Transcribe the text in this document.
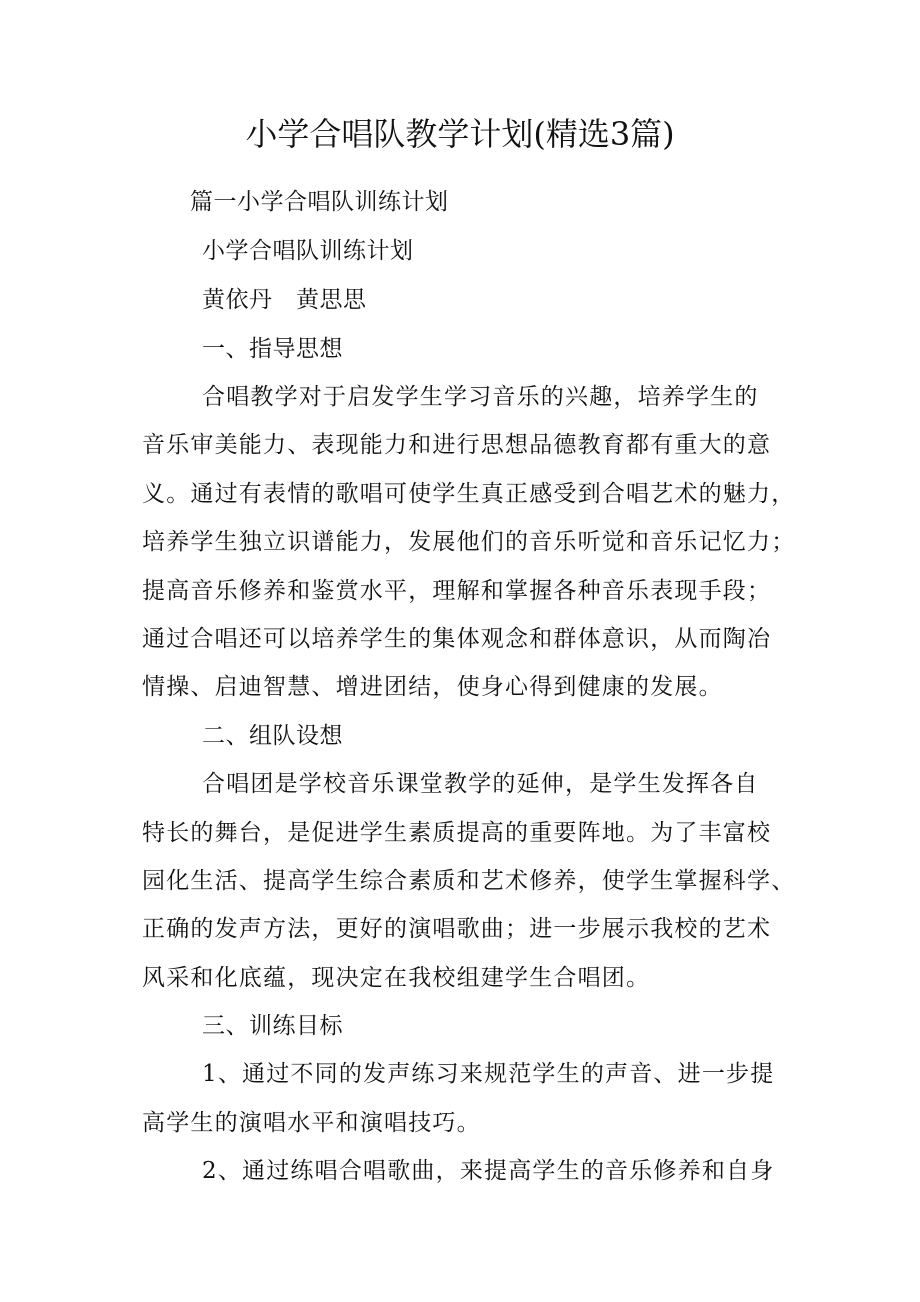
小学合唱队教学计划(精选3篇)
篇一小学合唱队训练计划
小学合唱队训练计划
黄依丹　黄思思
一、指导思想
合唱教学对于启发学生学习音乐的兴趣，培养学生的
音乐审美能力、表现能力和进行思想品德教育都有重大的意
义。通过有表情的歌唱可使学生真正感受到合唱艺术的魅力，
培养学生独立识谱能力，发展他们的音乐听觉和音乐记忆力；
提高音乐修养和鉴赏水平，理解和掌握各种音乐表现手段；
通过合唱还可以培养学生的集体观念和群体意识，从而陶冶
情操、启迪智慧、增进团结，使身心得到健康的发展。
二、组队设想
合唱团是学校音乐课堂教学的延伸，是学生发挥各自
特长的舞台，是促进学生素质提高的重要阵地。为了丰富校
园化生活、提高学生综合素质和艺术修养，使学生掌握科学、
正确的发声方法，更好的演唱歌曲；进一步展示我校的艺术
风采和化底蕴，现决定在我校组建学生合唱团。
三、训练目标
1、通过不同的发声练习来规范学生的声音、进一步提
高学生的演唱水平和演唱技巧。
2、通过练唱合唱歌曲，来提高学生的音乐修养和自身
